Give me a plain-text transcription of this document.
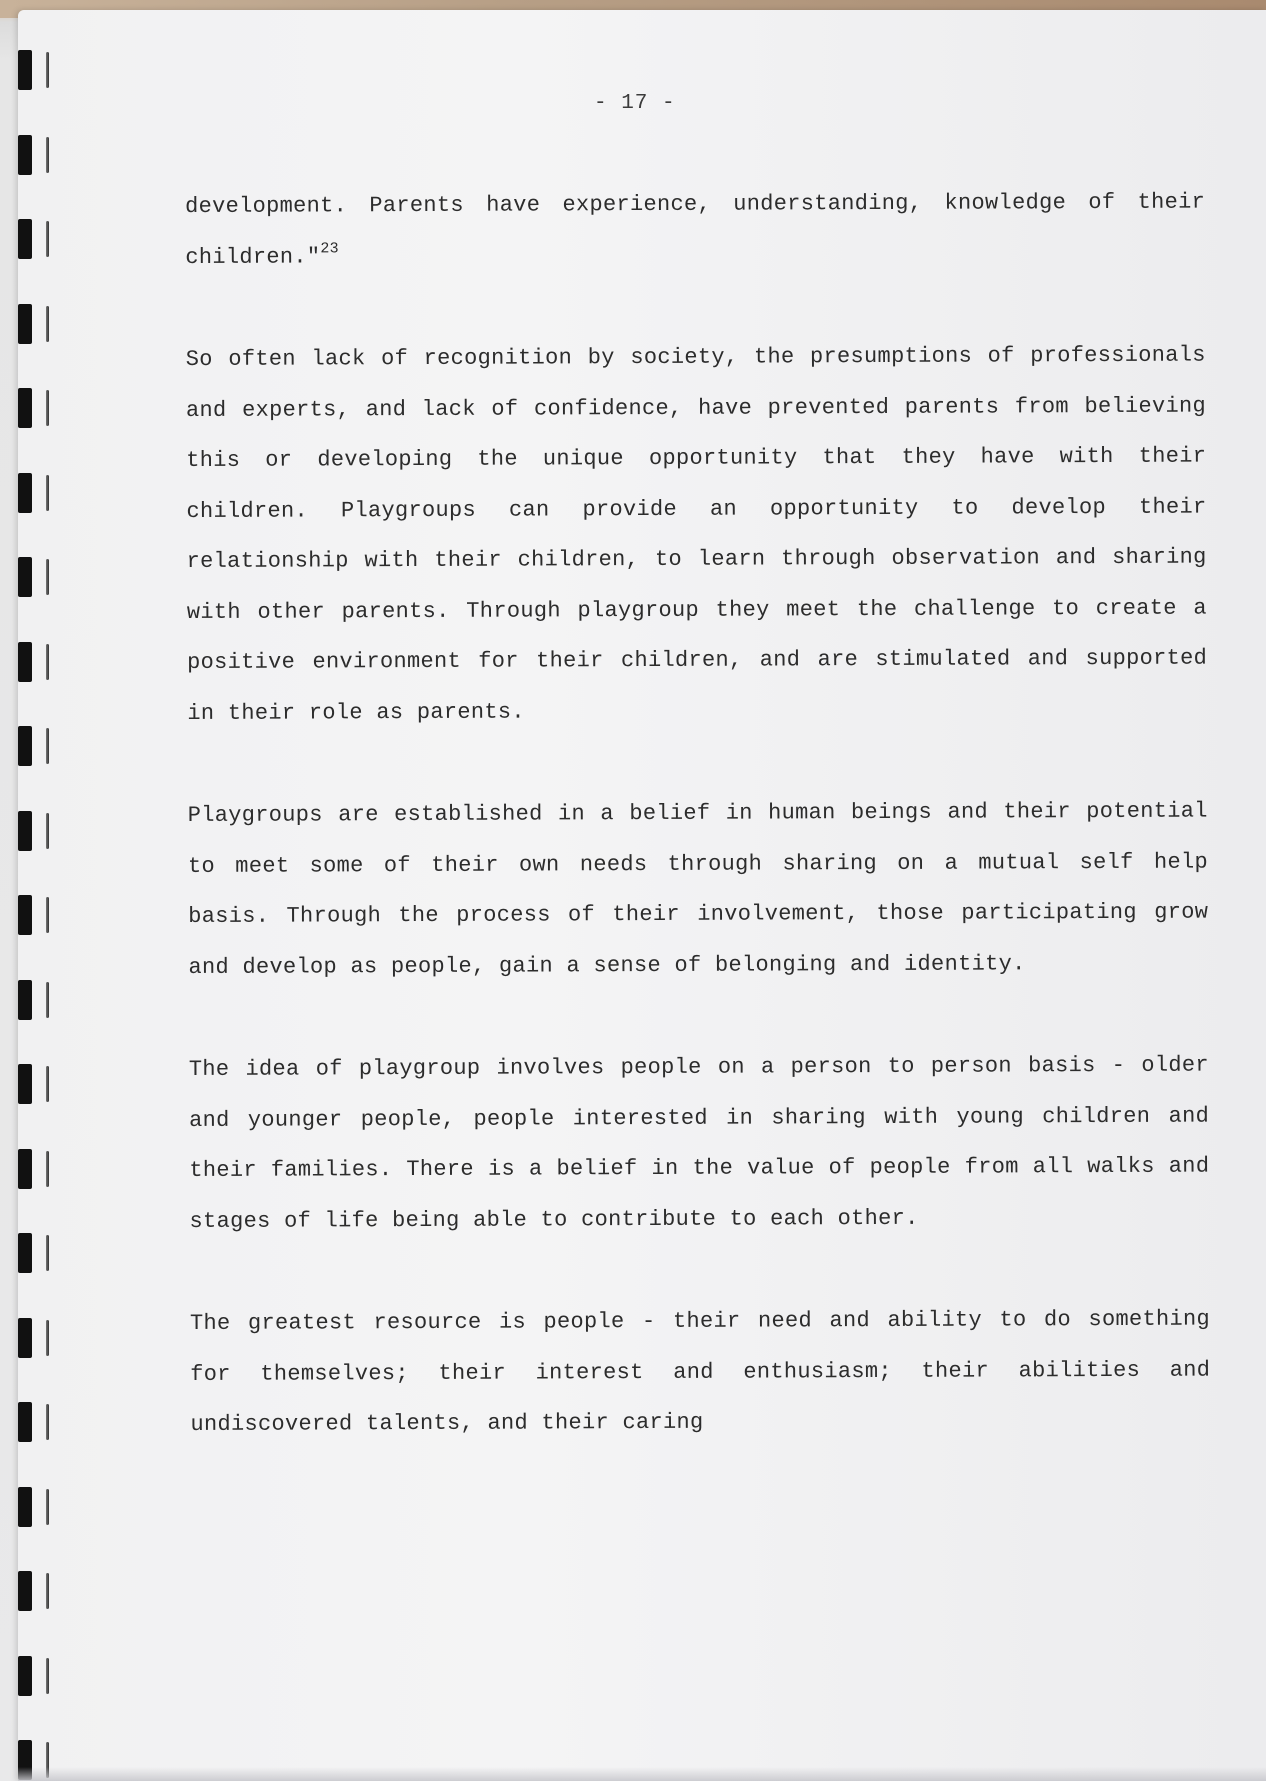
- 17 -

development. Parents have experience, understanding, knowledge of their children."$^{23}$

So often lack of recognition by society, the presumptions of professionals and experts, and lack of confidence, have prevented parents from believing this or developing the unique opportunity that they have with their children. Playgroups can provide an opportunity to develop their relationship with their children, to learn through observation and sharing with other parents. Through playgroup they meet the challenge to create a positive environment for their children, and are stimulated and supported in their role as parents.

Playgroups are established in a belief in human beings and their potential to meet some of their own needs through sharing on a mutual self help basis. Through the process of their involvement, those participating grow and develop as people, gain a sense of belonging and identity.

The idea of playgroup involves people on a person to person basis - older and younger people, people interested in sharing with young children and their families. There is a belief in the value of people from all walks and stages of life being able to contribute to each other.

The greatest resource is people - their need and ability to do something for themselves; their interest and enthusiasm; their abilities and undiscovered talents, and their caring
